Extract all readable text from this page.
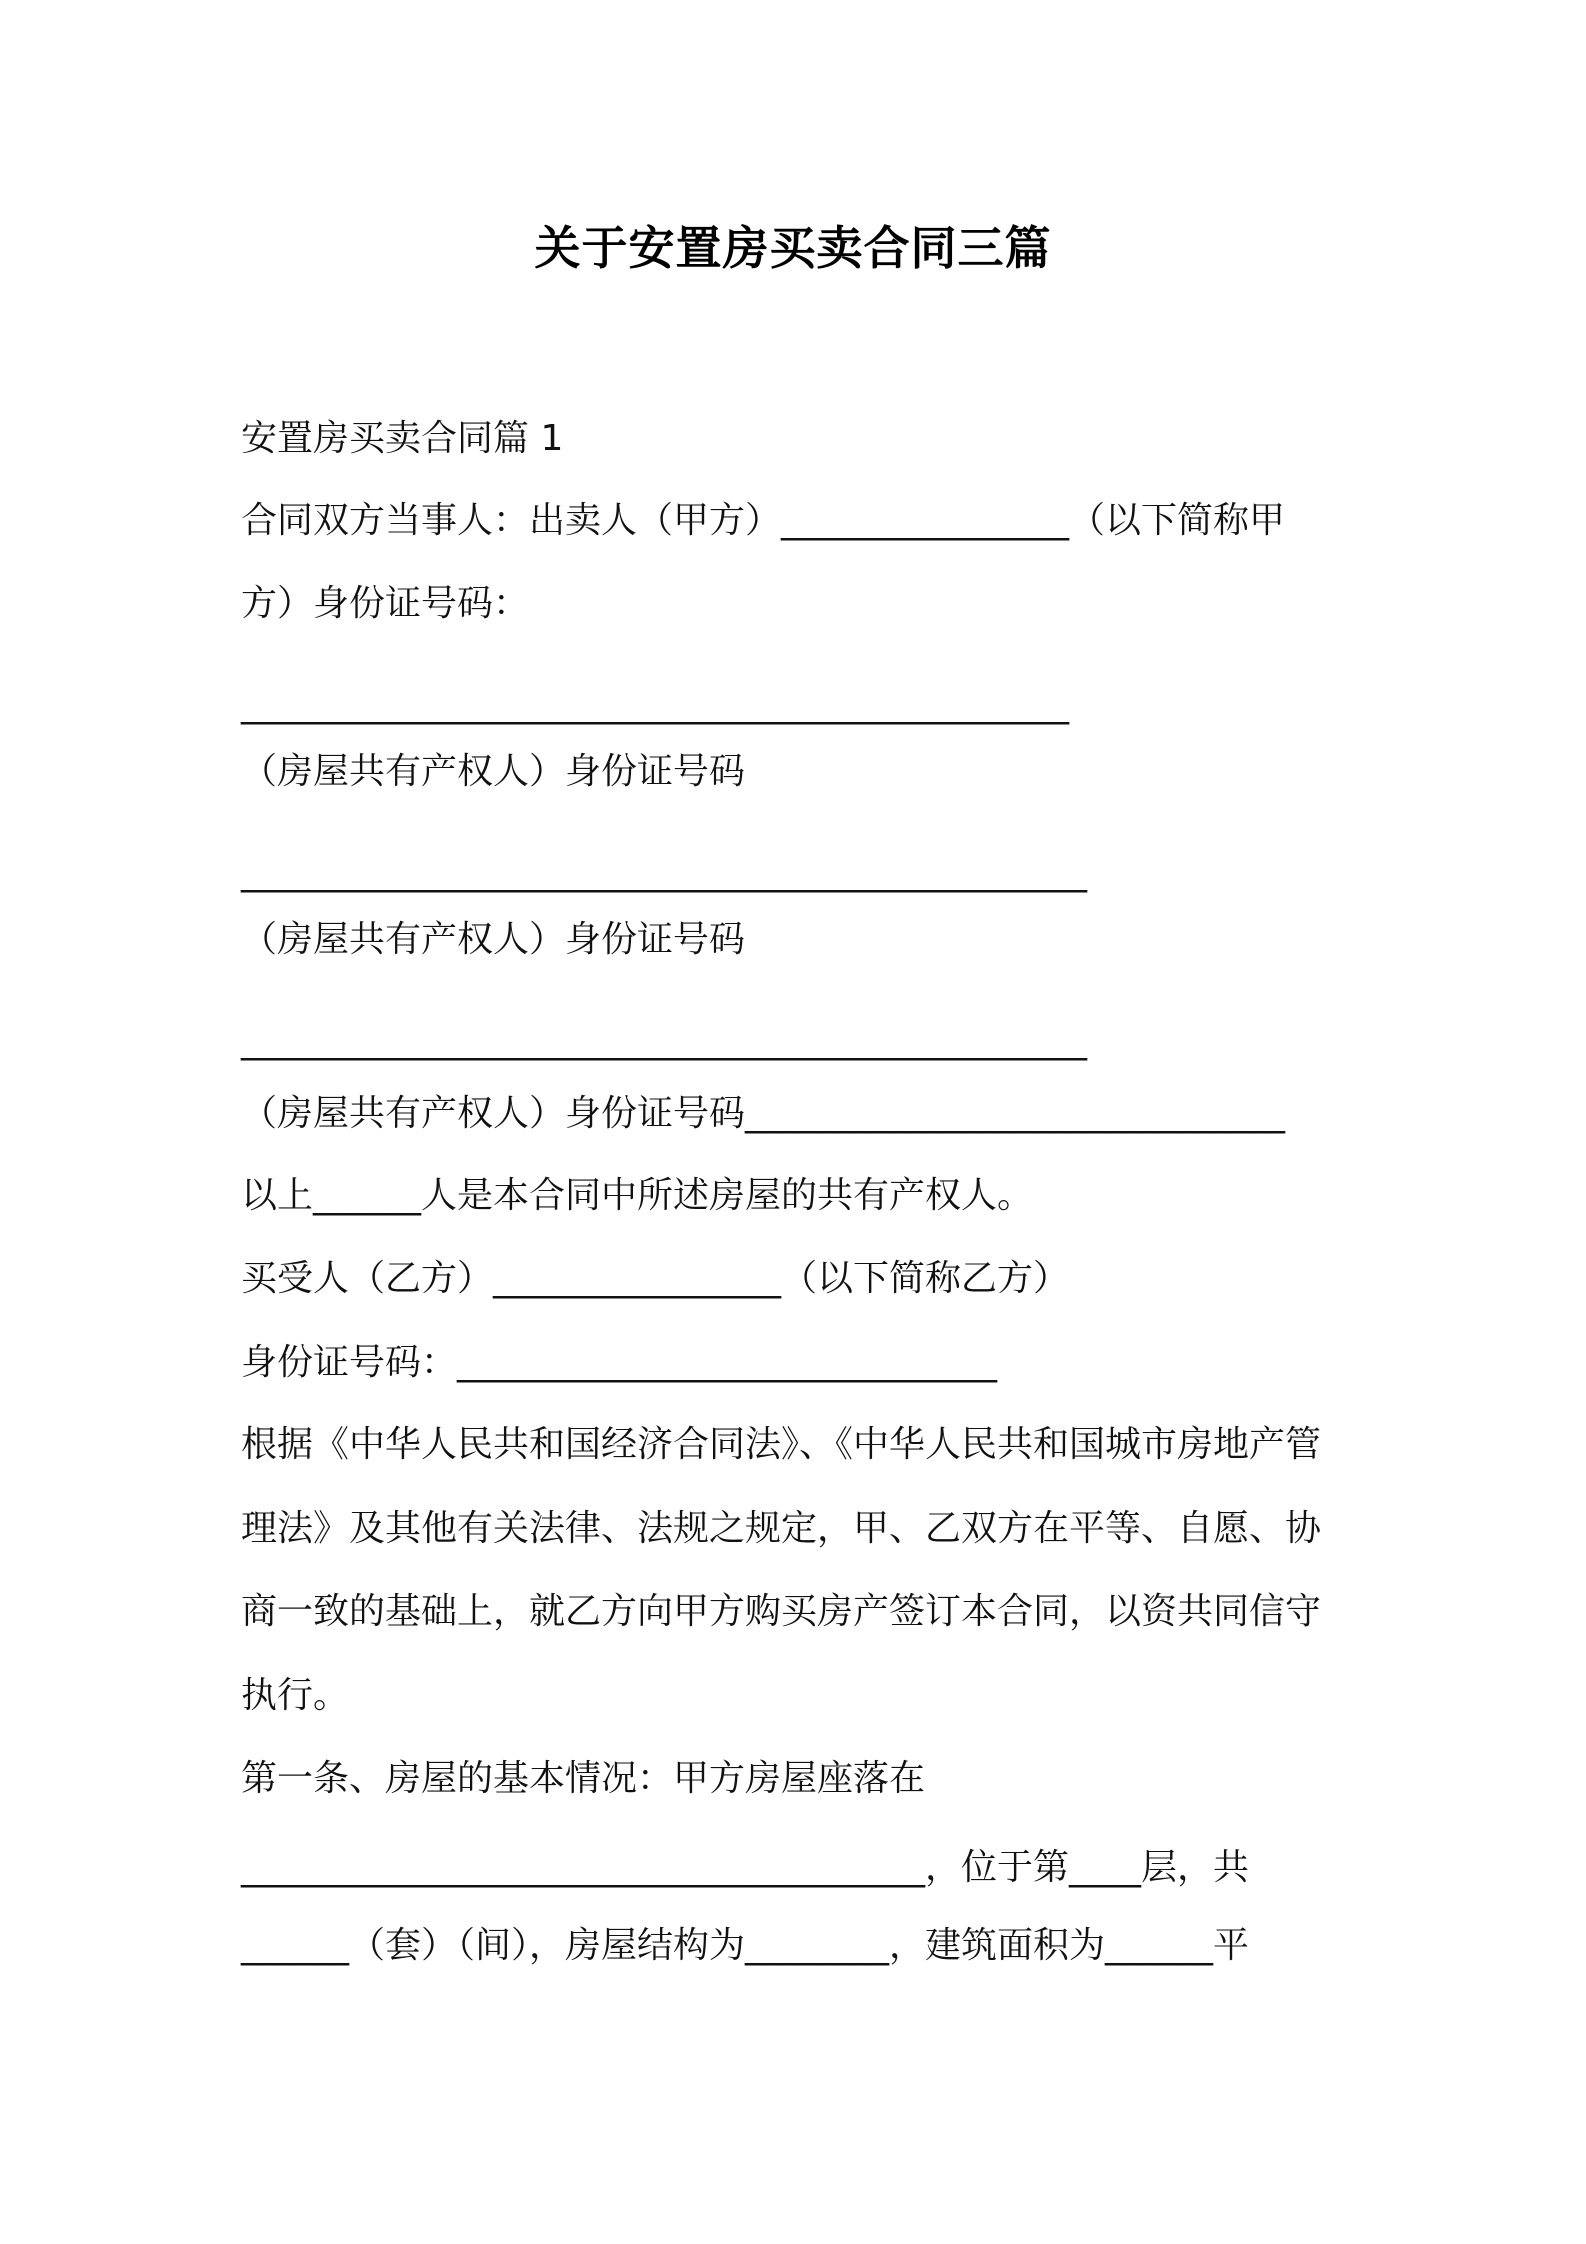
关于安置房买卖合同三篇
安置房买卖合同篇 1
合同双方当事人：出卖人（甲方）________________（以下简称甲
方）身份证号码：
______________________________________________
（房屋共有产权人）身份证号码
_______________________________________________
（房屋共有产权人）身份证号码
_______________________________________________
（房屋共有产权人）身份证号码______________________________
以上______人是本合同中所述房屋的共有产权人。
买受人（乙方）________________（以下简称乙方）
身份证号码：______________________________
根据《中华人民共和国经济合同法》、《中华人民共和国城市房地产管
理法》及其他有关法律、法规之规定，甲、乙双方在平等、自愿、协
商一致的基础上，就乙方向甲方购买房产签订本合同，以资共同信守
执行。
第一条、房屋的基本情况：甲方房屋座落在
______________________________________，位于第____层，共
______（套）（间），房屋结构为________，建筑面积为______平
